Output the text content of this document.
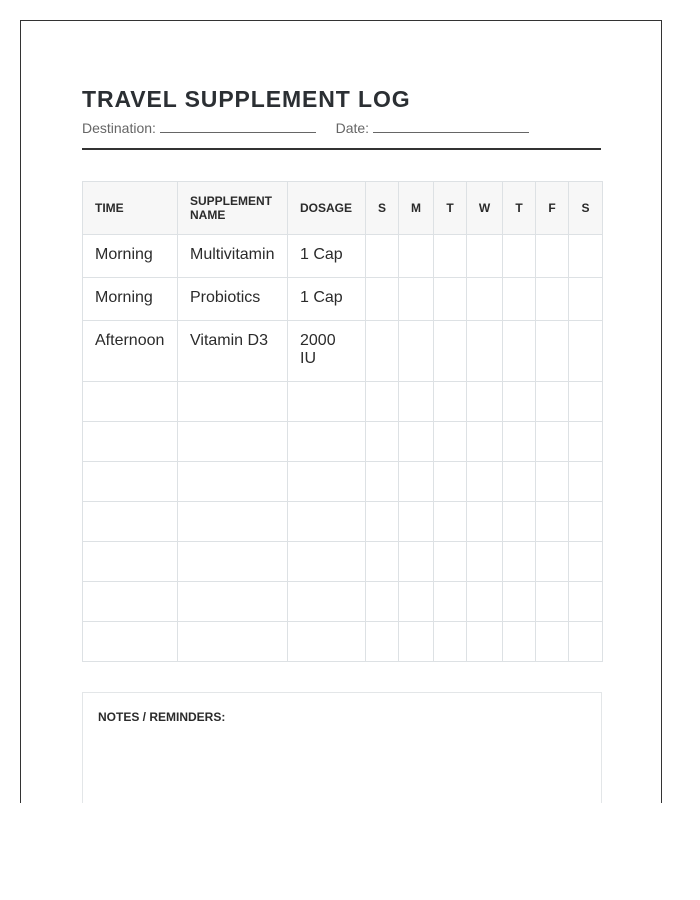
TRAVEL SUPPLEMENT LOG
Destination:	Date:
TIME	SUPPLEMENT NAME	DOSAGE	S	M	T	W	T	F	S
Morning	Multivitamin	1 Cap							
Morning	Probiotics	1 Cap							
Afternoon	Vitamin D3	2000 IU							

NOTES / REMINDERS:
